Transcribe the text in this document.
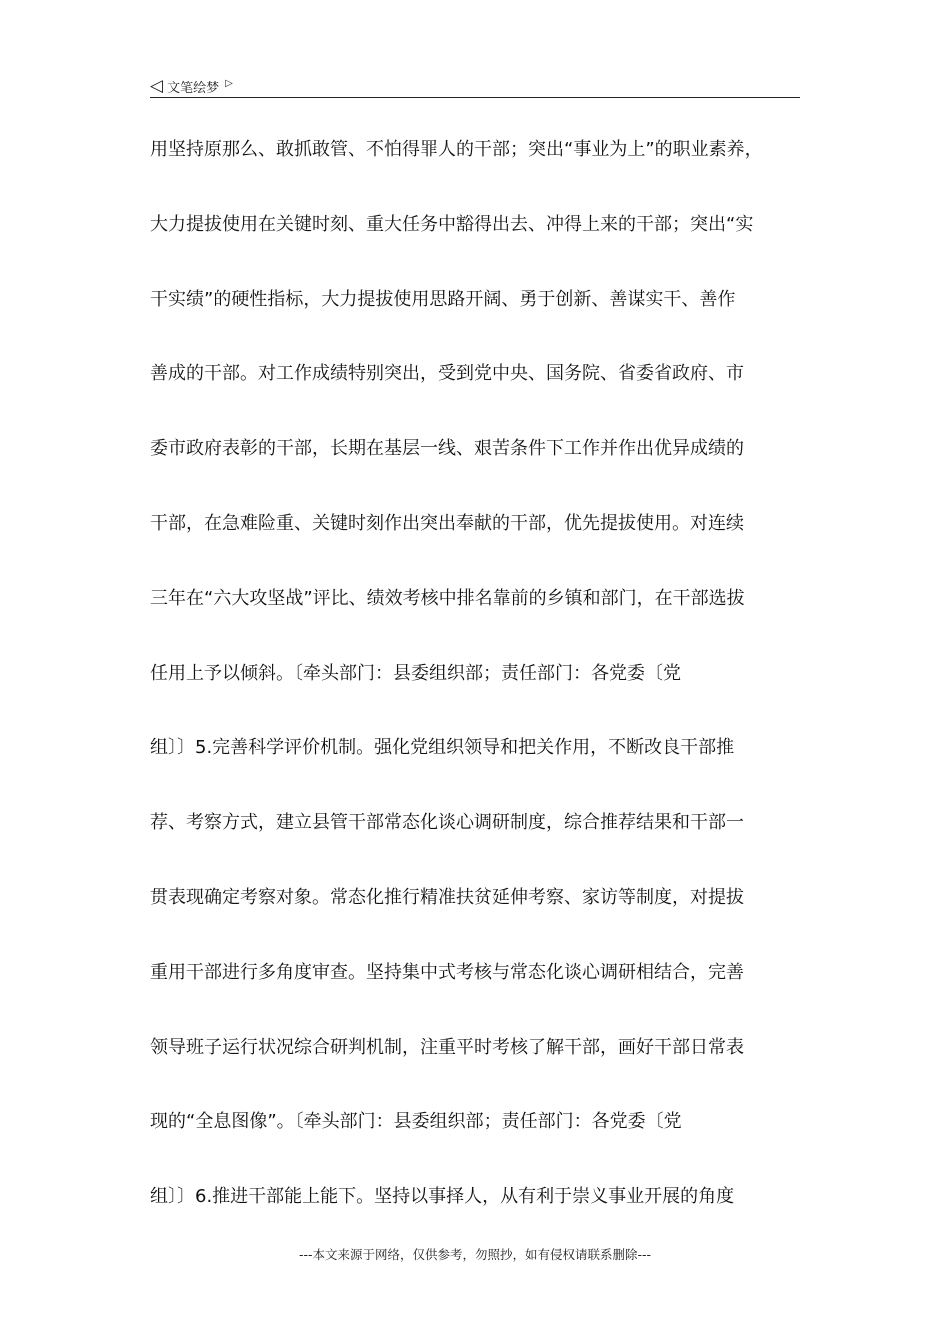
◁ 文笔绘梦 ▷
用坚持原那么、敢抓敢管、不怕得罪人的干部；突出“事业为上”的职业素养，
大力提拔使用在关键时刻、重大任务中豁得出去、冲得上来的干部；突出“实
干实绩”的硬性指标，大力提拔使用思路开阔、勇于创新、善谋实干、善作
善成的干部。对工作成绩特别突出，受到党中央、国务院、省委省政府、市
委市政府表彰的干部，长期在基层一线、艰苦条件下工作并作出优异成绩的
干部，在急难险重、关键时刻作出突出奉献的干部，优先提拔使用。对连续
三年在“六大攻坚战”评比、绩效考核中排名靠前的乡镇和部门，在干部选拔
任用上予以倾斜。〔牵头部门：县委组织部；责任部门：各党委〔党
组〕〕5.完善科学评价机制。强化党组织领导和把关作用，不断改良干部推
荐、考察方式，建立县管干部常态化谈心调研制度，综合推荐结果和干部一
贯表现确定考察对象。常态化推行精准扶贫延伸考察、家访等制度，对提拔
重用干部进行多角度审查。坚持集中式考核与常态化谈心调研相结合，完善
领导班子运行状况综合研判机制，注重平时考核了解干部，画好干部日常表
现的“全息图像”。〔牵头部门：县委组织部；责任部门：各党委〔党
组〕〕6.推进干部能上能下。坚持以事择人，从有利于崇义事业开展的角度
---本文来源于网络，仅供参考，勿照抄，如有侵权请联系删除---
